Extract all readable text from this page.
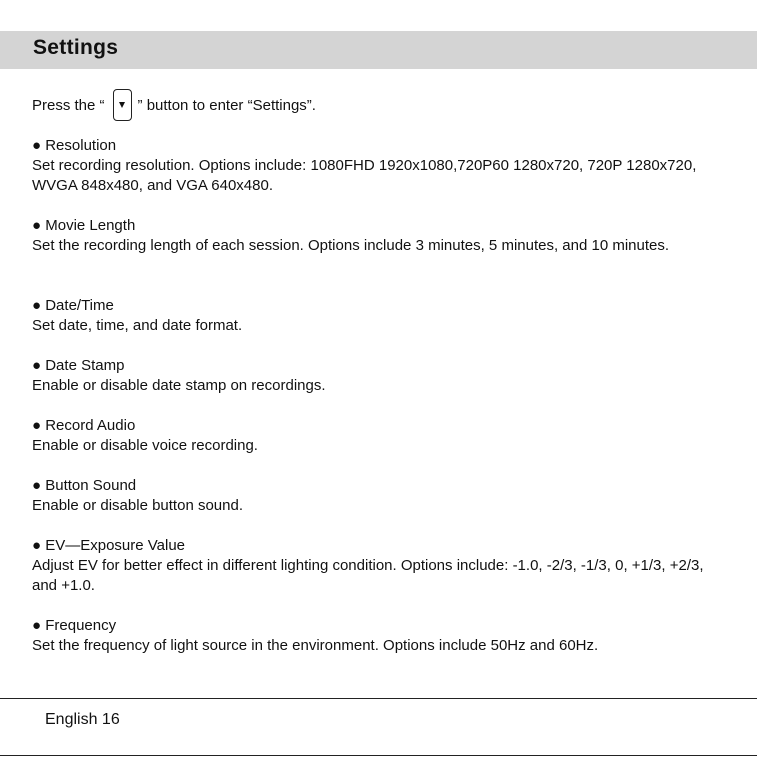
Settings
Press the “ ” button to enter “Settings”.
● Resolution
Set recording resolution. Options include: 1080FHD 1920x1080,720P60 1280x720, 720P 1280x720, WVGA 848x480, and VGA 640x480.
● Movie Length
Set the recording length of each session. Options include 3 minutes, 5 minutes, and 10 minutes.
● Date/Time
Set date, time, and date format.
● Date Stamp
Enable or disable date stamp on recordings.
● Record Audio
Enable or disable voice recording.
● Button Sound
Enable or disable button sound.
● EV—Exposure Value
Adjust EV for better effect in different lighting condition. Options include: -1.0, -2/3, -1/3, 0, +1/3, +2/3, and +1.0.
● Frequency
Set the frequency of light source in the environment. Options include 50Hz and 60Hz.
English 16
